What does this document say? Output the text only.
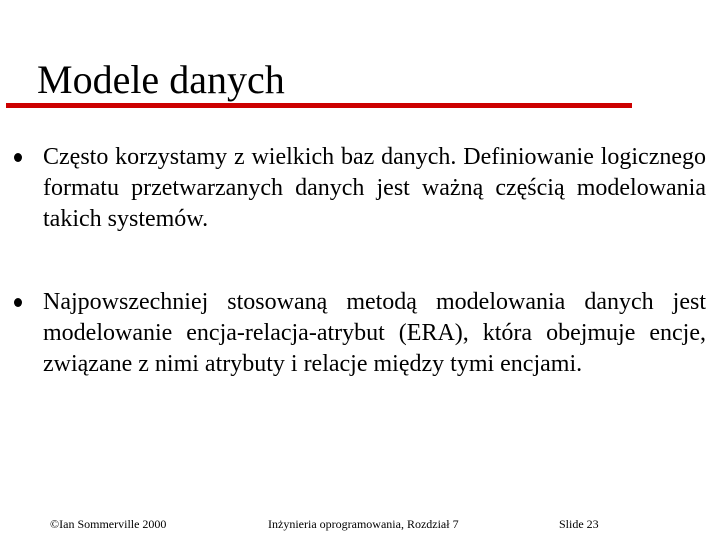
Modele danych
Często korzystamy z wielkich baz danych. Definiowanie logicznego formatu przetwarzanych danych jest ważną częścią modelowania takich systemów.
Najpowszechniej stosowaną metodą modelowania danych jest modelowanie encja-relacja-atrybut (ERA), która obejmuje encje, związane z nimi atrybuty i relacje między tymi encjami.
©Ian Sommerville 2000	Inżynieria oprogramowania, Rozdział 7	Slide 23
